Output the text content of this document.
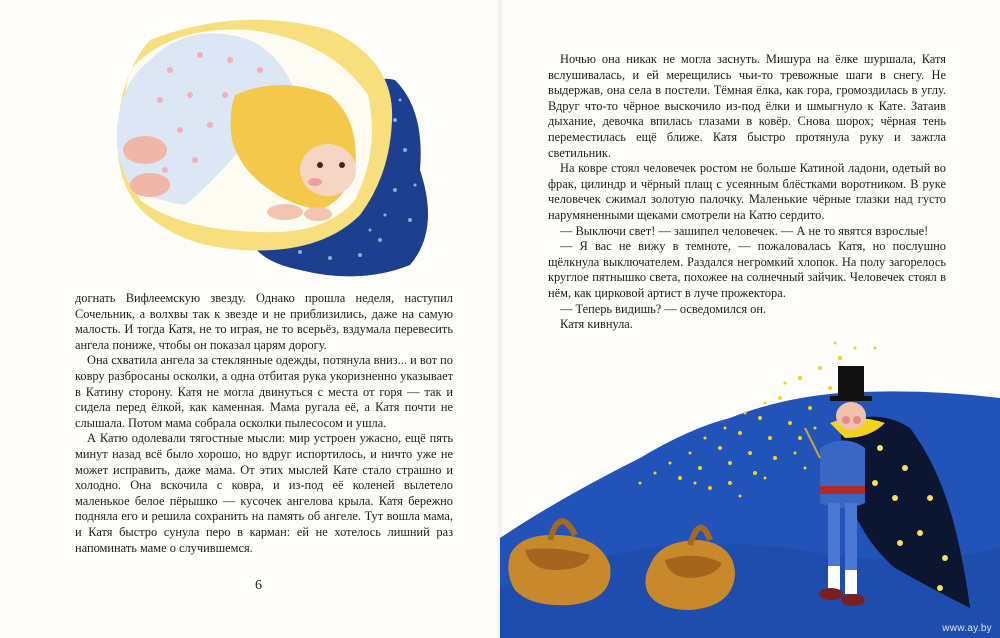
догнать Вифлеемскую звезду. Однако прошла неделя, наступил Сочельник, а волхвы так к звезде и не приблизились, даже на самую малость. И тогда Катя, не то играя, не то всерьёз, вздумала перевесить ангела пониже, чтобы он показал царям дорогу.

Она схватила ангела за стеклянные одежды, потянула вниз... и вот по ковру разбросаны осколки, а одна отбитая рука укоризненно указывает в Катину сторону. Катя не могла двинуться с места от горя — так и сидела перед ёлкой, как каменная. Мама ругала её, а Катя почти не слышала. Потом мама собрала осколки пылесосом и ушла.

А Катю одолевали тягостные мысли: мир устроен ужасно, ещё пять минут назад всё было хорошо, но вдруг испортилось, и ничто уже не может исправить, даже мама. От этих мыслей Кате стало страшно и холодно. Она вскочила с ковра, и из-под её коленей вылетело маленькое белое пёрышко — кусочек ангелова крыла. Катя бережно подняла его и решила сохранить на память об ангеле. Тут вошла мама, и Катя быстро сунула перо в карман: ей не хотелось лишний раз напоминать маме о случившемся.

6

Ночью она никак не могла заснуть. Мишура на ёлке шуршала, Катя вслушивалась, и ей мерещились чьи-то тревожные шаги в снегу. Не выдержав, она села в постели. Тёмная ёлка, как гора, громоздилась в углу. Вдруг что-то чёрное выскочило из-под ёлки и шмыгнуло к Кате. Затаив дыхание, девочка впилась глазами в ковёр. Снова шорох; чёрная тень переместилась ещё ближе. Катя быстро протянула руку и зажгла светильник.

На ковре стоял человечек ростом не больше Катиной ладони, одетый во фрак, цилиндр и чёрный плащ с усеянным блёстками воротником. В руке человечек сжимал золотую палочку. Маленькие чёрные глазки над густо нарумяненными щеками смотрели на Катю сердито.

— Выключи свет! — зашипел человечек. — А не то явятся взрослые!

— Я вас не вижу в темноте, — пожаловалась Катя, но послушно щёлкнула выключателем. Раздался негромкий хлопок. На полу загорелось круглое пятнышко света, похожее на солнечный зайчик. Человечек стоял в нём, как цирковой артист в луче прожектора.

— Теперь видишь? — осведомился он.

Катя кивнула.

www.ay.by
